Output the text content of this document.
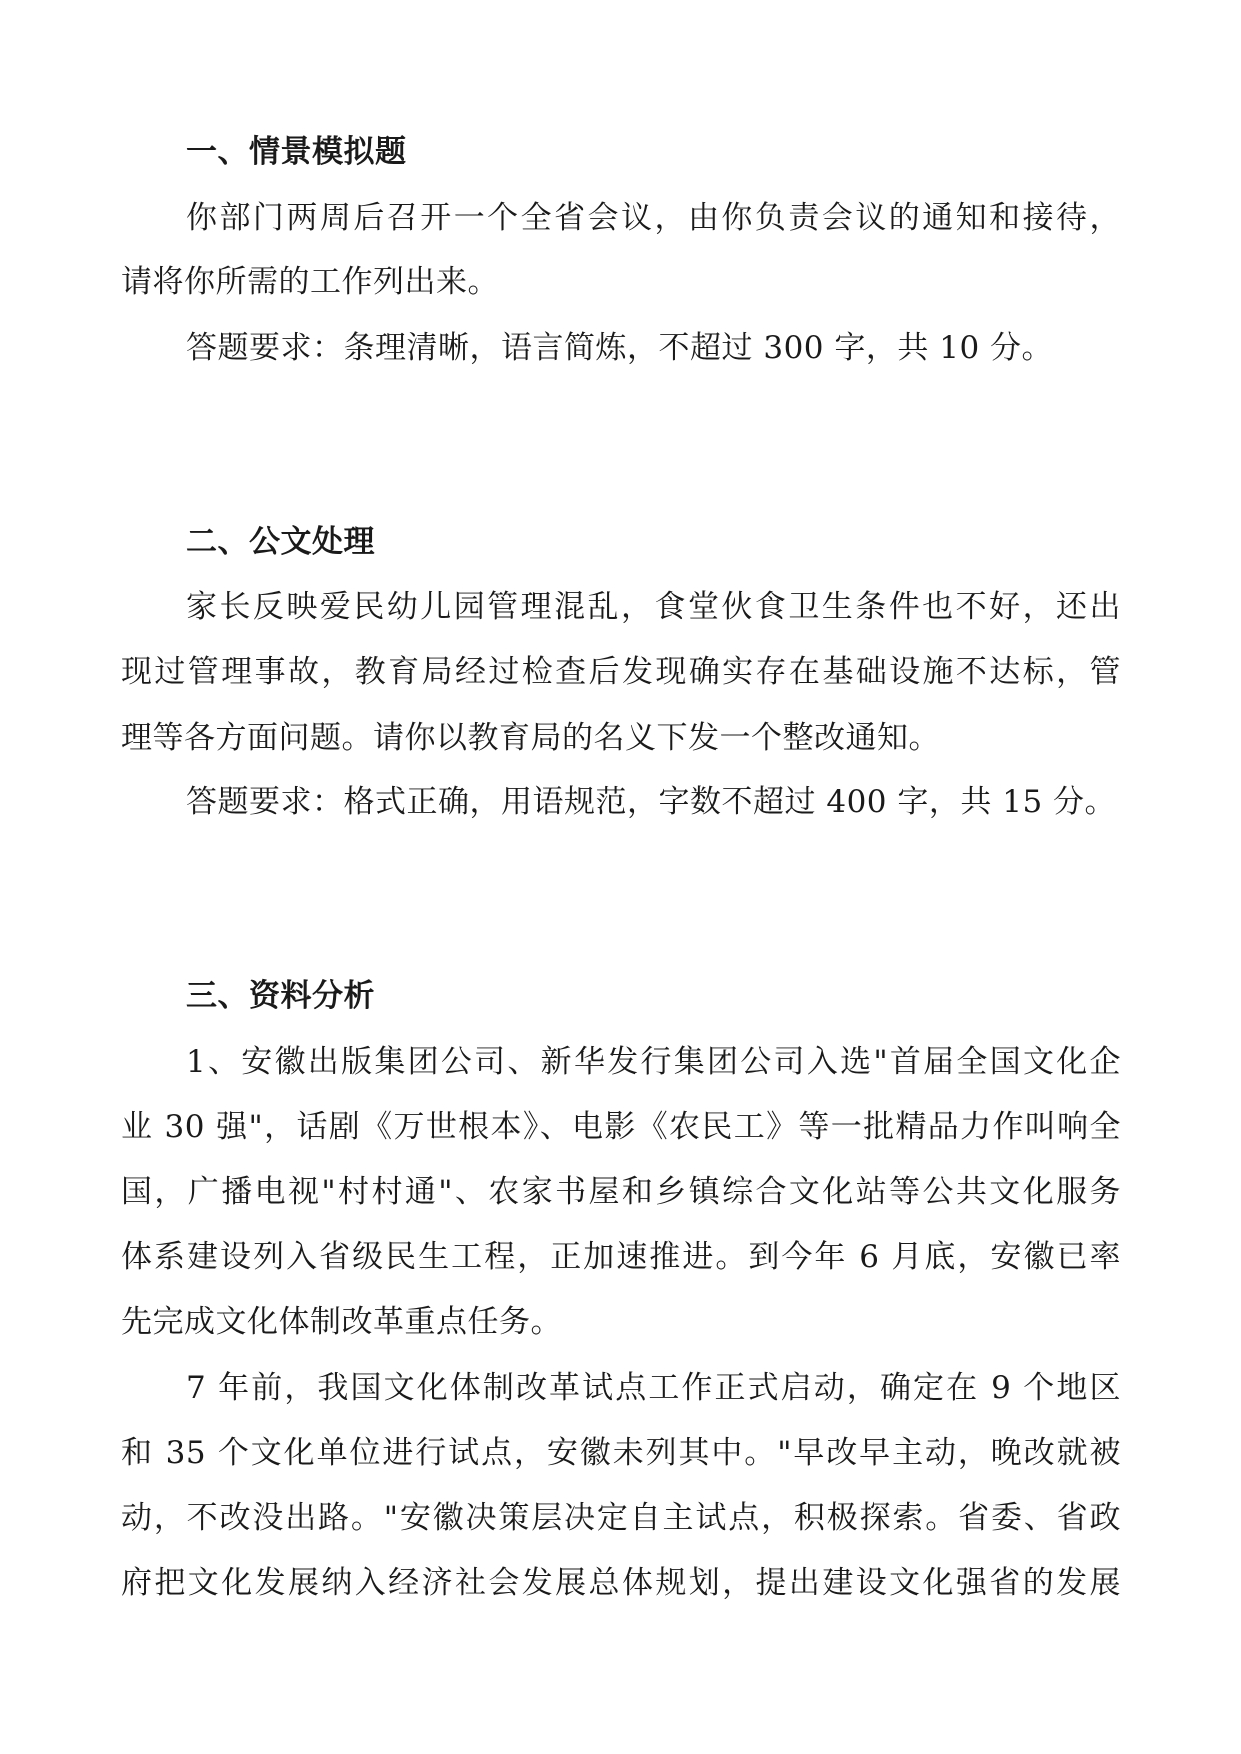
一、情景模拟题
你部门两周后召开一个全省会议，由你负责会议的通知和接待，
请将你所需的工作列出来。
答题要求：条理清晰，语言简炼，不超过 300 字，共 10 分。
二、公文处理
家长反映爱民幼儿园管理混乱，食堂伙食卫生条件也不好，还出
现过管理事故，教育局经过检查后发现确实存在基础设施不达标，管
理等各方面问题。请你以教育局的名义下发一个整改通知。
答题要求：格式正确，用语规范，字数不超过 400 字，共 15 分。
三、资料分析
1、安徽出版集团公司、新华发行集团公司入选"首届全国文化企
业 30 强"，话剧《万世根本》、电影《农民工》等一批精品力作叫响全
国，广播电视"村村通"、农家书屋和乡镇综合文化站等公共文化服务
体系建设列入省级民生工程，正加速推进。到今年 6 月底，安徽已率
先完成文化体制改革重点任务。
7 年前，我国文化体制改革试点工作正式启动，确定在 9 个地区
和 35 个文化单位进行试点，安徽未列其中。"早改早主动，晚改就被
动，不改没出路。"安徽决策层决定自主试点，积极探索。省委、省政
府把文化发展纳入经济社会发展总体规划，提出建设文化强省的发展
